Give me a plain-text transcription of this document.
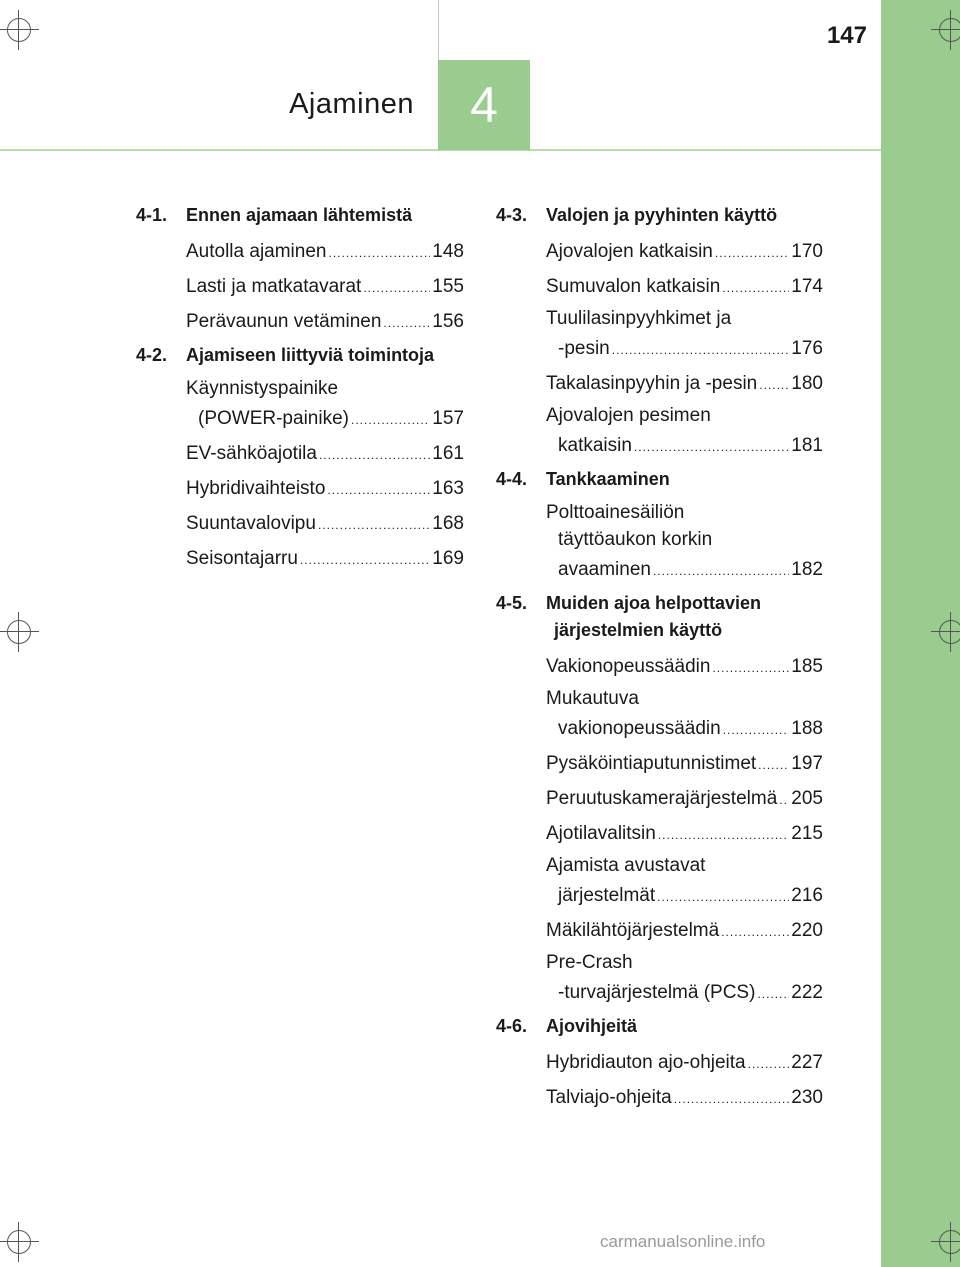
4
Ajaminen
147
4-1.	Ennen ajamaan lähtemistä
Autolla ajaminen .....	148
Lasti ja matkatavarat .....	155
Perävaunun vetäminen .....	156
4-2.	Ajamiseen liittyviä toimintoja
Käynnistyspainike
(POWER-painike) .....	157
EV-sähköajotila .....	161
Hybridivaihteisto .....	163
Suuntavalovipu .....	168
Seisontajarru .....	169
4-3.	Valojen ja pyyhinten käyttö
Ajovalojen katkaisin .....	170
Sumuvalon katkaisin .....	174
Tuulilasinpyyhkimet ja
-pesin .....	176
Takalasinpyyhin ja -pesin ..... 180
Ajovalojen pesimen
katkaisin .....	181
4-4.	Tankkaaminen
Polttoainesäiliön
täyttöaukon korkin
avaaminen .....	182
4-5.	Muiden ajoa helpottavien
järjestelmien käyttö
Vakionopeussäädin .....	185
Mukautuva
vakionopeussäädin .....	188
Pysäköintiaputunnistimet ..... 197
Peruutuskamerajärjestelmä ..... 205
Ajotilavalitsin .....	215
Ajamista avustavat
järjestelmät .....	216
Mäkilähtöjärjestelmä .....	220
Pre-Crash
-turvajärjestelmä (PCS) ..... 222
4-6.	Ajovihjeitä
Hybridiauton ajo-ohjeita ..... 227
Talviajo-ohjeita .....	230
carmanualsonline.info
